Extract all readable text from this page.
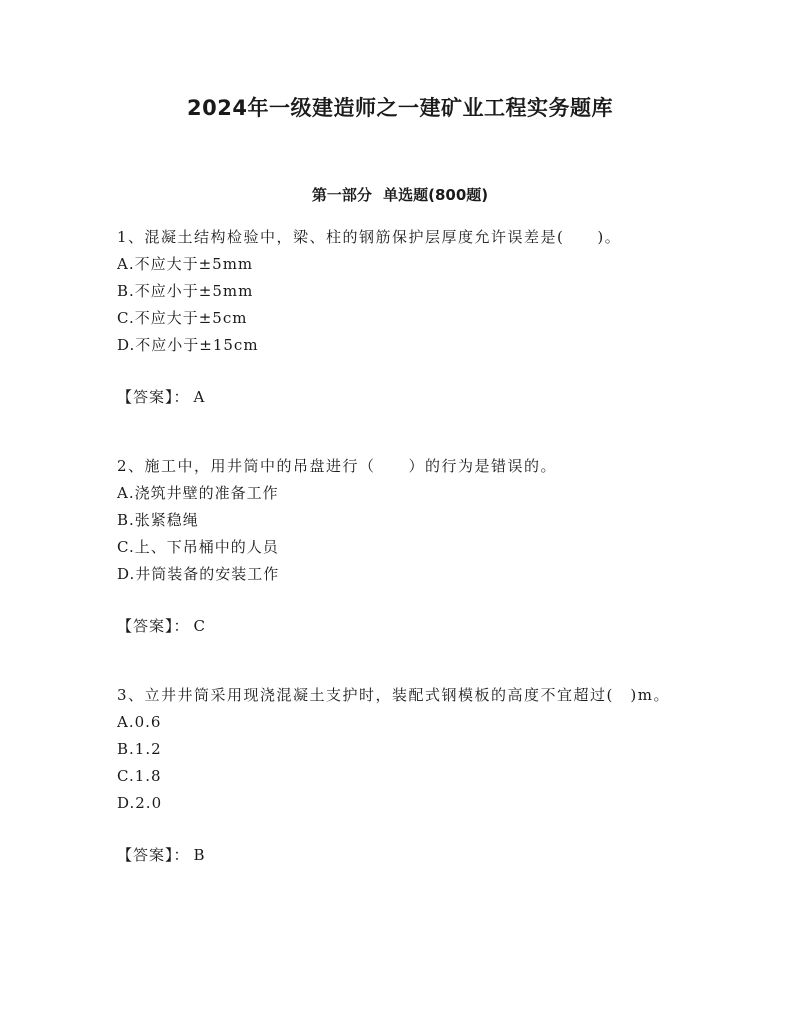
2024年一级建造师之一建矿业工程实务题库
第一部分 单选题(800题)
1、混凝土结构检验中，梁、柱的钢筋保护层厚度允许误差是(　　)。
A.不应大于±5mm
B.不应小于±5mm
C.不应大于±5cm
D.不应小于±15cm
【答案】： A
2、施工中，用井筒中的吊盘进行（　　）的行为是错误的。
A.浇筑井壁的准备工作
B.张紧稳绳
C.上、下吊桶中的人员
D.井筒装备的安装工作
【答案】： C
3、立井井筒采用现浇混凝土支护时，装配式钢模板的高度不宜超过(　)m。
A.0.6
B.1.2
C.1.8
D.2.0
【答案】： B
